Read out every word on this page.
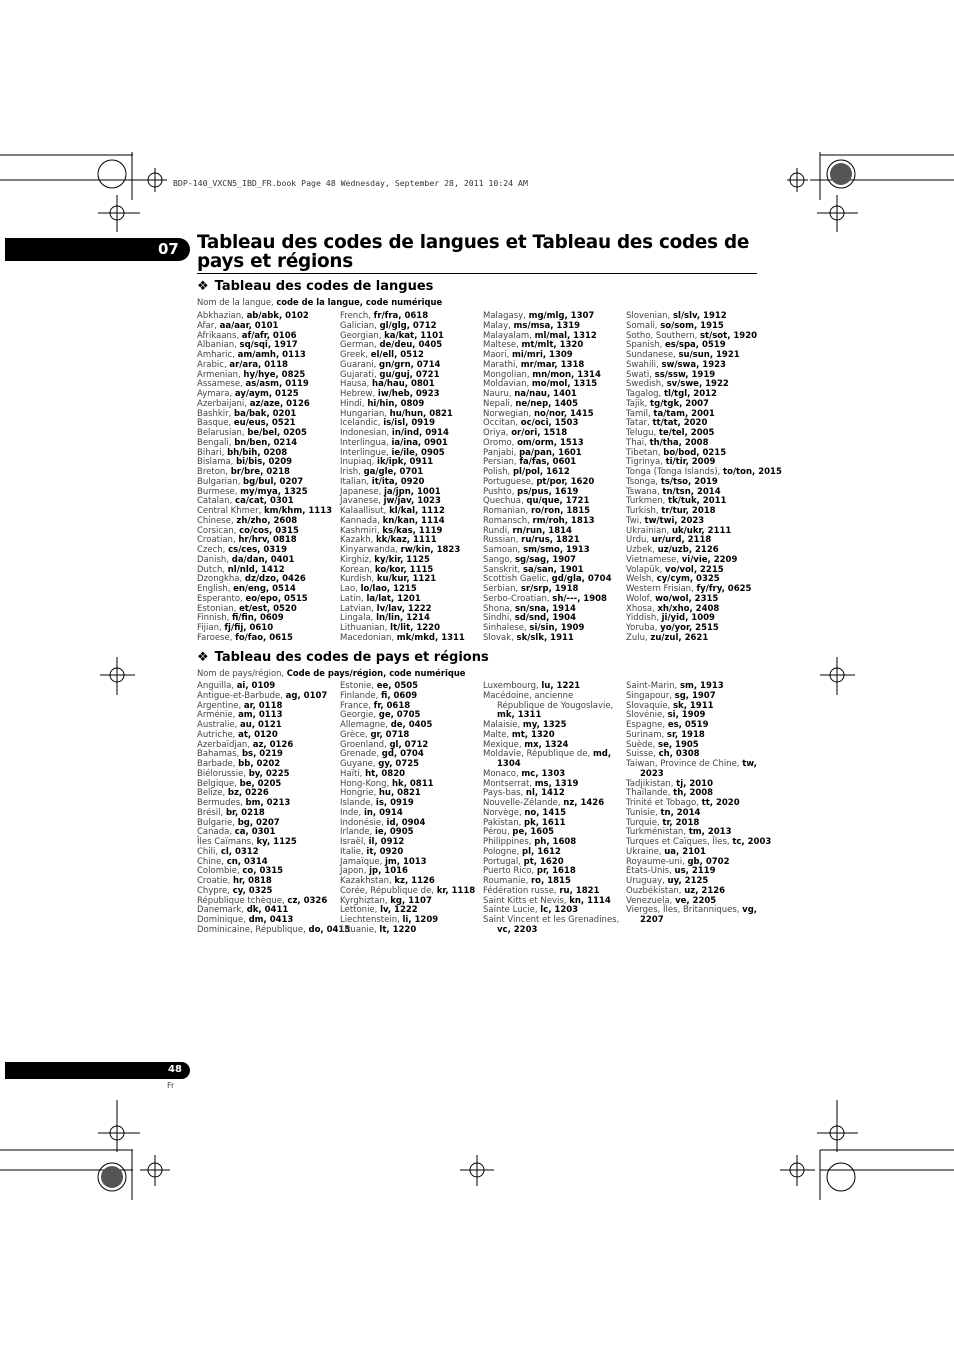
BDP-140_VXCN5_IBD_FR.book Page 48 Wednesday, September 28, 2011 10:24 AM
07 Tableau des codes de langues et Tableau des codes de pays et régions
❖ Tableau des codes de langues
Nom de la langue, code de la langue, code numérique
Abkhazian, ab/abk, 0102
Afar, aa/aar, 0101
Afrikaans, af/afr, 0106
Albanian, sq/sqi, 1917
Amharic, am/amh, 0113
Arabic, ar/ara, 0118
Armenian, hy/hye, 0825
Assamese, as/asm, 0119
Aymara, ay/aym, 0125
Azerbaijani, az/aze, 0126
Bashkir, ba/bak, 0201
Basque, eu/eus, 0521
Belarusian, be/bel, 0205
Bengali, bn/ben, 0214
Bihari, bh/bih, 0208
Bislama, bi/bis, 0209
Breton, br/bre, 0218
Bulgarian, bg/bul, 0207
Burmese, my/mya, 1325
Catalan, ca/cat, 0301
Central Khmer, km/khm, 1113
Chinese, zh/zho, 2608
Corsican, co/cos, 0315
Croatian, hr/hrv, 0818
Czech, cs/ces, 0319
Danish, da/dan, 0401
Dutch, nl/nld, 1412
Dzongkha, dz/dzo, 0426
English, en/eng, 0514
Esperanto, eo/epo, 0515
Estonian, et/est, 0520
Finnish, fi/fin, 0609
Fijian, fj/fij, 0610
Faroese, fo/fao, 0615
French, fr/fra, 0618
Galician, gl/glg, 0712
Georgian, ka/kat, 1101
German, de/deu, 0405
Greek, el/ell, 0512
Guarani, gn/grn, 0714
Gujarati, gu/guj, 0721
Hausa, ha/hau, 0801
Hebrew, iw/heb, 0923
Hindi, hi/hin, 0809
Hungarian, hu/hun, 0821
Icelandic, is/isl, 0919
Indonesian, in/ind, 0914
Interlingua, ia/ina, 0901
Interlingue, ie/ile, 0905
Inupiaq, ik/ipk, 0911
Irish, ga/gle, 0701
Italian, it/ita, 0920
Japanese, ja/jpn, 1001
Javanese, jw/jav, 1023
Kalaallisut, kl/kal, 1112
Kannada, kn/kan, 1114
Kashmiri, ks/kas, 1119
Kazakh, kk/kaz, 1111
Kinyarwanda, rw/kin, 1823
Kirghiz, ky/kir, 1125
Korean, ko/kor, 1115
Kurdish, ku/kur, 1121
Lao, lo/lao, 1215
Latin, la/lat, 1201
Latvian, lv/lav, 1222
Lingala, ln/lin, 1214
Lithuanian, lt/lit, 1220
Macedonian, mk/mkd, 1311
Malagasy, mg/mlg, 1307
Malay, ms/msa, 1319
Malayalam, ml/mal, 1312
Maltese, mt/mlt, 1320
Maori, mi/mri, 1309
Marathi, mr/mar, 1318
Mongolian, mn/mon, 1314
Moldavian, mo/mol, 1315
Nauru, na/nau, 1401
Nepali, ne/nep, 1405
Norwegian, no/nor, 1415
Occitan, oc/oci, 1503
Oriya, or/ori, 1518
Oromo, om/orm, 1513
Panjabi, pa/pan, 1601
Persian, fa/fas, 0601
Polish, pl/pol, 1612
Portuguese, pt/por, 1620
Pushto, ps/pus, 1619
Quechua, qu/que, 1721
Romanian, ro/ron, 1815
Romansch, rm/roh, 1813
Rundi, rn/run, 1814
Russian, ru/rus, 1821
Samoan, sm/smo, 1913
Sango, sg/sag, 1907
Sanskrit, sa/san, 1901
Scottish Gaelic, gd/gla, 0704
Serbian, sr/srp, 1918
Serbo-Croatian, sh/---, 1908
Shona, sn/sna, 1914
Sindhi, sd/snd, 1904
Sinhalese, si/sin, 1909
Slovak, sk/slk, 1911
Slovenian, sl/slv, 1912
Somali, so/som, 1915
Sotho, Southern, st/sot, 1920
Spanish, es/spa, 0519
Sundanese, su/sun, 1921
Swahili, sw/swa, 1923
Swati, ss/ssw, 1919
Swedish, sv/swe, 1922
Tagalog, tl/tgl, 2012
Tajik, tg/tgk, 2007
Tamil, ta/tam, 2001
Tatar, tt/tat, 2020
Telugu, te/tel, 2005
Thai, th/tha, 2008
Tibetan, bo/bod, 0215
Tigrinya, ti/tir, 2009
Tonga (Tonga Islands), to/ton, 2015
Tsonga, ts/tso, 2019
Tswana, tn/tsn, 2014
Turkmen, tk/tuk, 2011
Turkish, tr/tur, 2018
Twi, tw/twi, 2023
Ukrainian, uk/ukr, 2111
Urdu, ur/urd, 2118
Uzbek, uz/uzb, 2126
Vietnamese, vi/vie, 2209
Volapük, vo/vol, 2215
Welsh, cy/cym, 0325
Western Frisian, fy/fry, 0625
Wolof, wo/wol, 2315
Xhosa, xh/xho, 2408
Yiddish, ji/yid, 1009
Yoruba, yo/yor, 2515
Zulu, zu/zul, 2621
❖ Tableau des codes de pays et régions
Nom de pays/région, Code de pays/région, code numérique
Anguilla, ai, 0109
Antigue-et-Barbude, ag, 0107
Argentine, ar, 0118
Arménie, am, 0113
Australie, au, 0121
Autriche, at, 0120
Azerbaïdjan, az, 0126
Bahamas, bs, 0219
Barbade, bb, 0202
Biélorussie, by, 0225
Belgique, be, 0205
Belize, bz, 0226
Bermudes, bm, 0213
Brésil, br, 0218
Bulgarie, bg, 0207
Canada, ca, 0301
Îles Caïmans, ky, 1125
Chili, cl, 0312
Chine, cn, 0314
Colombie, co, 0315
Croatie, hr, 0818
Chypre, cy, 0325
République tchèque, cz, 0326
Danemark, dk, 0411
Dominique, dm, 0413
Dominicaine, République, do, 0415
Estonie, ee, 0505
Finlande, fi, 0609
France, fr, 0618
Georgie, ge, 0705
Allemagne, de, 0405
Grèce, gr, 0718
Groenland, gl, 0712
Grenade, gd, 0704
Guyane, gy, 0725
Haïti, ht, 0820
Hong-Kong, hk, 0811
Hongrie, hu, 0821
Islande, is, 0919
Inde, in, 0914
Indonésie, id, 0904
Irlande, ie, 0905
Israël, il, 0912
Italie, it, 0920
Jamaïque, jm, 1013
Japon, jp, 1016
Kazakhstan, kz, 1126
Corée, République de, kr, 1118
Kyrghiztan, kg, 1107
Lettonie, lv, 1222
Liechtenstein, li, 1209
Lituanie, lt, 1220
Luxembourg, lu, 1221
Macédoine, ancienne
République de Yougoslavie,
mk, 1311
Malaisie, my, 1325
Malte, mt, 1320
Mexique, mx, 1324
Moldavie, République de, md,
1304
Monaco, mc, 1303
Montserrat, ms, 1319
Pays-bas, nl, 1412
Nouvelle-Zélande, nz, 1426
Norvège, no, 1415
Pakistan, pk, 1611
Pérou, pe, 1605
Philippines, ph, 1608
Pologne, pl, 1612
Portugal, pt, 1620
Puerto Rico, pr, 1618
Roumanie, ro, 1815
Fédération russe, ru, 1821
Saint Kitts et Nevis, kn, 1114
Sainte Lucie, lc, 1203
Saint Vincent et les Grenadines,
vc, 2203
Saint-Marin, sm, 1913
Singapour, sg, 1907
Slovaquie, sk, 1911
Slovénie, si, 1909
Espagne, es, 0519
Surinam, sr, 1918
Suède, se, 1905
Suisse, ch, 0308
Taiwan, Province de Chine, tw,
2023
Tadjikistan, tj, 2010
Thaïlande, th, 2008
Trinité et Tobago, tt, 2020
Tunisie, tn, 2014
Turquie, tr, 2018
Turkménistan, tm, 2013
Turques et Caïques, Îles, tc, 2003
Ukraine, ua, 2101
Royaume-uni, gb, 0702
États-Unis, us, 2119
Uruguay, uy, 2125
Ouzbékistan, uz, 2126
Venezuela, ve, 2205
Vierges, Îles, Britanniques, vg,
2207
48
Fr
